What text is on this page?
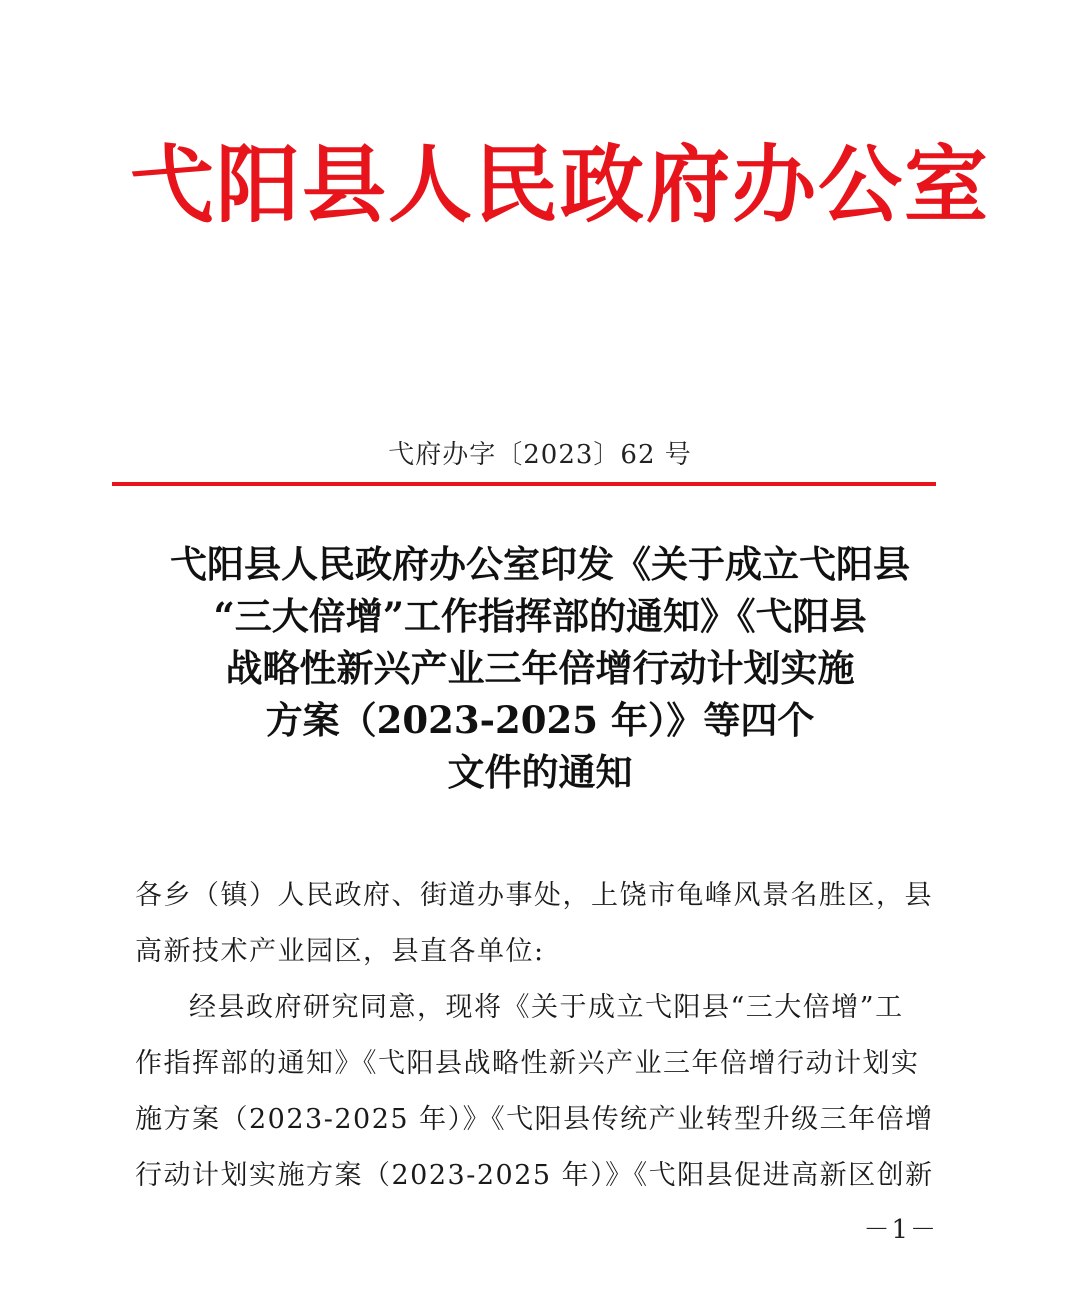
弋阳县人民政府办公室
弋府办字〔2023〕62 号
弋阳县人民政府办公室印发《关于成立弋阳县
“三大倍增”工作指挥部的通知》《弋阳县
战略性新兴产业三年倍增行动计划实施
方案（2023-2025 年）》等四个
文件的通知
各乡（镇）人民政府、街道办事处，上饶市龟峰风景名胜区，县
高新技术产业园区，县直各单位:
经县政府研究同意，现将《关于成立弋阳县“三大倍增”工
作指挥部的通知》《弋阳县战略性新兴产业三年倍增行动计划实
施方案（2023-2025 年）》《弋阳县传统产业转型升级三年倍增
行动计划实施方案（2023-2025 年）》《弋阳县促进高新区创新
－1－
